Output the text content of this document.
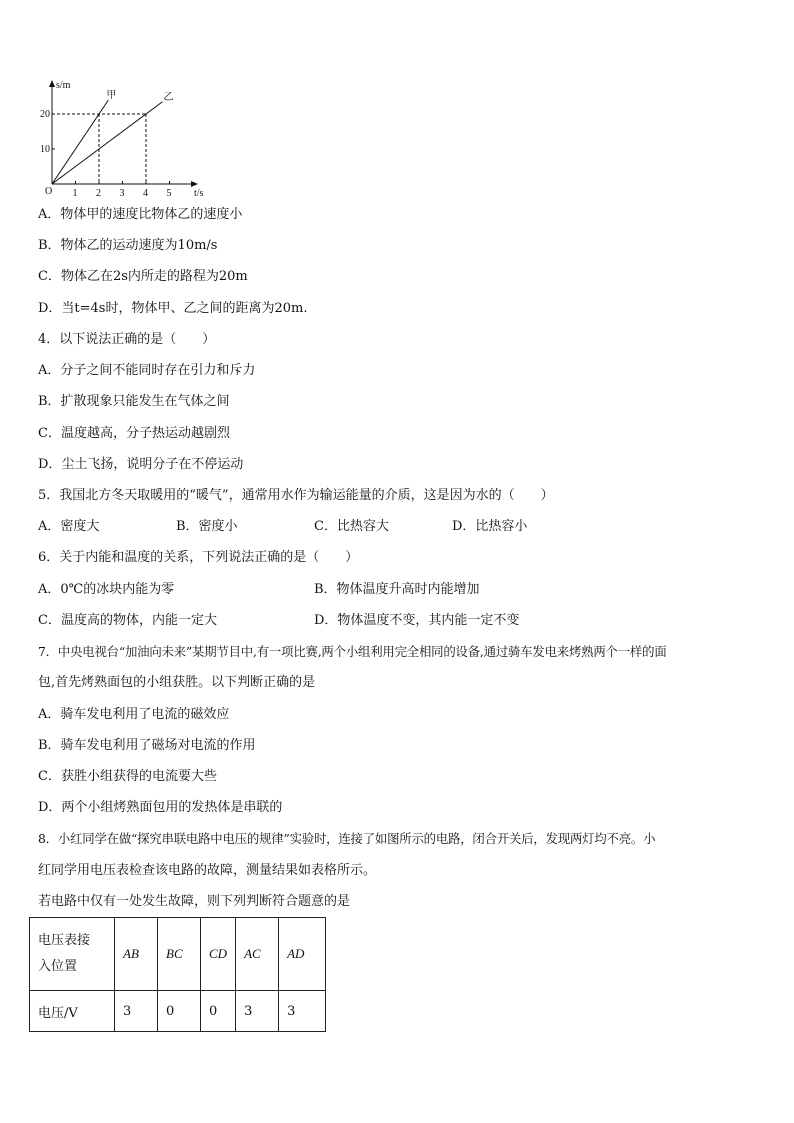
s/m
t/s
O
10
20
1 2 3 4 5
甲	乙
A．物体甲的速度比物体乙的速度小
B．物体乙的运动速度为10m/s
C．物体乙在2s内所走的路程为20m
D．当t=4s时，物体甲、乙之间的距离为20m.
4．以下说法正确的是（　　）
A．分子之间不能同时存在引力和斥力
B．扩散现象只能发生在气体之间
C．温度越高，分子热运动越剧烈
D．尘土飞扬，说明分子在不停运动
5．我国北方冬天取暖用的“暖气”，通常用水作为输运能量的介质，这是因为水的（　　）
A．密度大	B．密度小	C．比热容大	D．比热容小
6．关于内能和温度的关系，下列说法正确的是（　　）
A．0℃的冰块内能为零	B．物体温度升高时内能增加
C．温度高的物体，内能一定大	D．物体温度不变，其内能一定不变
7．中央电视台“加油向未来”某期节目中,有一项比赛,两个小组利用完全相同的设备,通过骑车发电来烤熟两个一样的面
包,首先烤熟面包的小组获胜。以下判断正确的是
A．骑车发电利用了电流的磁效应
B．骑车发电利用了磁场对电流的作用
C．获胜小组获得的电流要大些
D．两个小组烤熟面包用的发热体是串联的
8．小红同学在做“探究串联电路中电压的规律”实验时，连接了如图所示的电路，闭合开关后，发现两灯均不亮。小
红同学用电压表检查该电路的故障，测量结果如表格所示。
若电路中仅有一处发生故障，则下列判断符合题意的是
电压表接
入位置	AB	BC	CD	AC	AD
电压/V	3	0	0	3	3
